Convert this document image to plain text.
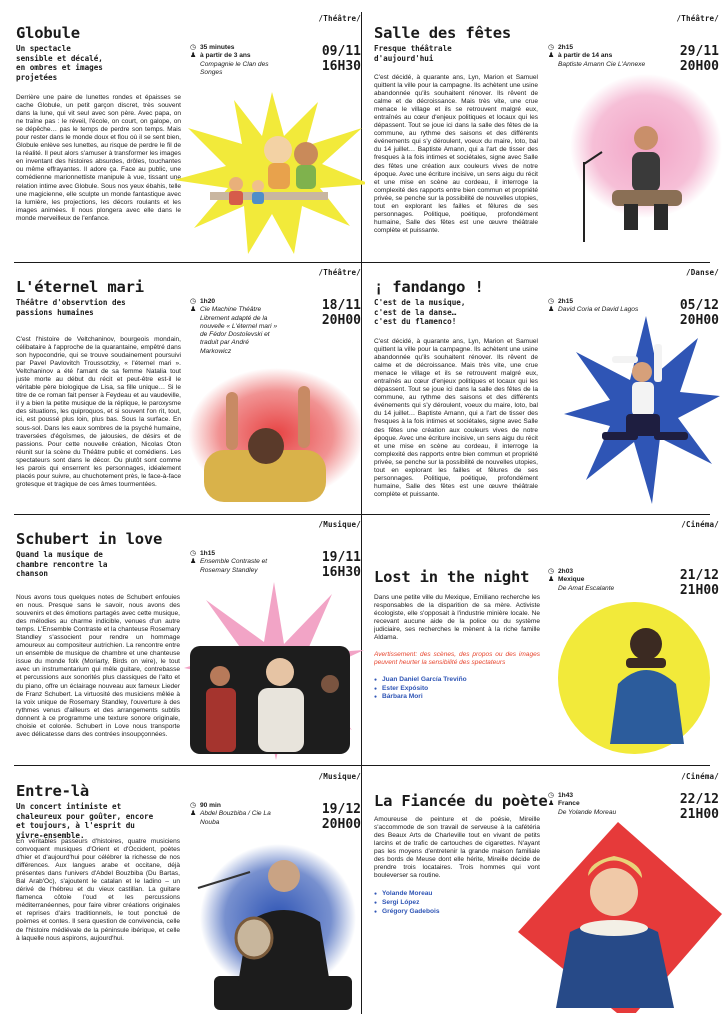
/Théâtre/
Globule
Un spectacle sensible et décalé, en ombres et images projetées
◷ 35 minutes
♟ à partir de 3 ans
Compagnie le Clan des Songes
09/11
16H30
Derrière une paire de lunettes rondes et épaisses se cache Globule, un petit garçon discret, très souvent dans la lune, qui vit seul avec son père. Avec papa, on ne traîne pas : le réveil, l'école, on court, on galope, on se dépêche… pas le temps de perdre son temps. Mais pour rester dans le monde doux et flou où il se sent bien, Globule enlève ses lunettes, au risque de perdre le fil de la réalité. Il peut alors s'amuser à transformer les images en inventant des histoires absurdes, drôles, touchantes ou même effrayantes. Il adore ça. Face au public, une comédienne marionnettiste manipule à vue, tissant une relation intime avec Globule. Sous nos yeux ébahis, telle une magicienne, elle sculpte un monde fantastique avec la lumière, les projections, les décors roulants et les images animées. Il nous plongera avec elle dans le monde merveilleux de l'enfance.
/Théâtre/
Salle des fêtes
Fresque théâtrale d'aujourd'hui
◷ 2h15
♟ à partir de 14 ans
Baptiste Amann Cie L'Annexe
29/11
20H00
C'est décidé, à quarante ans, Lyn, Marion et Samuel quittent la ville pour la campagne. Ils achètent une usine abandonnée qu'ils souhaitent rénover. Ils rêvent de calme et de décroissance. Mais très vite, une crue menace le village et ils se retrouvent malgré eux, entraînés au cœur d'enjeux politiques et locaux qui les dépassent. Tout se joue ici dans la salle des fêtes de la commune, au rythme des saisons et des différents événements qui s'y déroulent, voeux du maire, loto, bal du 14 juillet… Baptiste Amann, qui a l'art de tisser des fresques à la fois intimes et sociétales, signe avec Salle des fêtes une création aux couleurs vives de notre époque. Avec une écriture incisive, un sens aigu du récit et une mise en scène au cordeau, il interroge la complexité des rapports entre bien commun et propriété privée, se penche sur la possibilité de nouvelles utopies, tout en explorant les failles et fêlures de ses personnages. Politique, poétique, profondément humaine, Salle des fêtes est une œuvre théâtrale complète et puissante.
/Théâtre/
L'éternel mari
Théâtre d'observtion des passions humaines
◷ 1h20
♟ Cie Machine Théâtre Librement adapté de la nouvelle « L'éternel mari » de Fédor Dostoïevski et traduit par André Markowicz
18/11
20H00
C'est l'histoire de Veltchaninov, bourgeois mondain, célibataire à l'approche de la quarantaine, empêtré dans son hypocondrie, qui se trouve soudainement poursuivi par Pavel Pavlovitch Troussotzky, « l'éternel mari ». Veltchaninov a été l'amant de sa femme Natalia tout juste morte au début du récit et peut-être est-il le véritable père biologique de Lisa, sa fille unique… Si le titre de ce roman fait penser à Feydeau et au vaudeville, il y a bien la petite musique de la réplique, le paroxysme des situations, les quiproquos, et si souvent l'on rit, tout, ici, est poussé plus loin, plus bas. Sous la surface. En sous-sol. Dans les eaux sombres de la psyché humaine, traversées d'égoïsmes, de jalousies, de désirs et de passions. Pour cette nouvelle création, Nicolas Oton réunit sur la scène du Théâtre public et comédiens. Les spectateurs sont dans le décor. Ou plutôt sont comme les parois qui enserrent les personnages, idéalement placés pour suivre, au chuchotement près, le face-à-face grotesque et tragique de ces âmes tourmentées.
/Danse/
¡ fandango !
C'est de la musique, c'est de la danse… c'est du flamenco!
◷ 2h15
♟ David Coria et David Lagos	05/12
20H00
C'est décidé, à quarante ans, Lyn, Marion et Samuel quittent la ville pour la campagne. Ils achètent une usine abandonnée qu'ils souhaitent rénover. Ils rêvent de calme et de décroissance. Mais très vite, une crue menace le village et ils se retrouvent malgré eux, entraînés au cœur d'enjeux politiques et locaux qui les dépassent. Tout se joue ici dans la salle des fêtes de la commune, au rythme des saisons et des différents événements qui s'y déroulent, voeux du maire, loto, bal du 14 juillet… Baptiste Amann, qui a l'art de tisser des fresques à la fois intimes et sociétales, signe avec Salle des fêtes une création aux couleurs vives de notre époque. Avec une écriture incisive, un sens aigu du récit et une mise en scène au cordeau, il interroge la complexité des rapports entre bien commun et propriété privée, se penche sur la possibilité de nouvelles utopies, tout en explorant les failles et fêlures de ses personnages. Politique, poétique, profondément humaine, Salle des fêtes est une œuvre théâtrale complète et puissante.
/Musique/
Schubert in love
Quand la musique de chambre rencontre la chanson
◷ 1h15
♟ Ensemble Contraste et Rosemary Standley
19/11
16H30
Nous avons tous quelques notes de Schubert enfouies en nous. Presque sans le savoir, nous avons des souvenirs et des émotions partagés avec cette musique, des mélodies au charme indicible, venues d'un autre temps. L'Ensemble Contraste et la chanteuse Rosemary Standley s'associent pour rendre un hommage amoureux au compositeur autrichien. La rencontre entre un ensemble de musique de chambre et une chanteuse issue du monde folk (Moriarty, Birds on wire), le tout avec un instrumentarium qui mêle guitare, contrebasse et percussions aux sonorités plus classiques de l'alto et du piano, offre un éclairage nouveau aux fameux Lieder de Franz Schubert. La virtuosité des musiciens mêlée à la voix unique de Rosemary Standley, l'ouverture à des rythmes venus d'ailleurs et des arrangements subtils donnent à ce programme une texture sonore originale, choisie et colorée. Schubert in Love nous transporte avec délicatesse dans des contrées insoupçonnées.
/Cinéma/
Lost in the night	◷ 2h03
♟ Mexique
De Amat Escalante
21/12
21H00
Dans une petite ville du Mexique, Emiliano recherche les responsables de la disparition de sa mère. Activiste écologiste, elle s'opposait à l'industrie minière locale. Ne recevant aucune aide de la police ou du système judiciaire, ses recherches le mènent à la riche famille Aldama.
Avertissement: des scènes, des propos ou des images peuvent heurter la sensibilité des spectateurs
● Juan Daniel García Treviño
● Ester Expósito
● Bárbara Mori
/Musique/
Entre-là
Un concert intimiste et chaleureux pour goûter, encore et toujours, à l'esprit du vivre-ensemble.
◷ 90 min
♟ Abdel Bouzbiba / Cie La Nouba
19/12
20H00
En véritables passeurs d'histoires, quatre musiciens convoquent musiques d'Orient et d'Occident, poètes d'hier et d'aujourd'hui pour célébrer la richesse de nos différences. Aux langues arabe et occitane, déjà présentes dans l'univers d'Abdel Bouzbiba (Du Bartas, Bal Arab'Oc), s'ajoutent le catalan et le ladino – un dérivé de l'hébreu et du vieux castillan. La guitare flamenca côtoie l'oud et les percussions méditerranéennes, pour faire vibrer créations originales et reprises d'airs traditionnels, le tout ponctué de poèmes et contes. Il sera question de convivencia, celle de l'histoire médiévale de la péninsule ibérique, et celle à laquelle nous aspirons, aujourd'hui.
/Cinéma/
La Fiancée du poète ◷ 1h43
♟ France
De Yolande Moreau
22/12
21H00
Amoureuse de peinture et de poésie, Mireille s'accommode de son travail de serveuse à la cafétéria des Beaux Arts de Charleville tout en vivant de petits larcins et de trafic de cartouches de cigarettes. N'ayant pas les moyens d'entretenir la grande maison familiale des bords de Meuse dont elle hérite, Mireille décide de prendre trois locataires. Trois hommes qui vont bouleverser sa routine.
● Yolande Moreau
● Sergi López
● Grégory Gadebois
